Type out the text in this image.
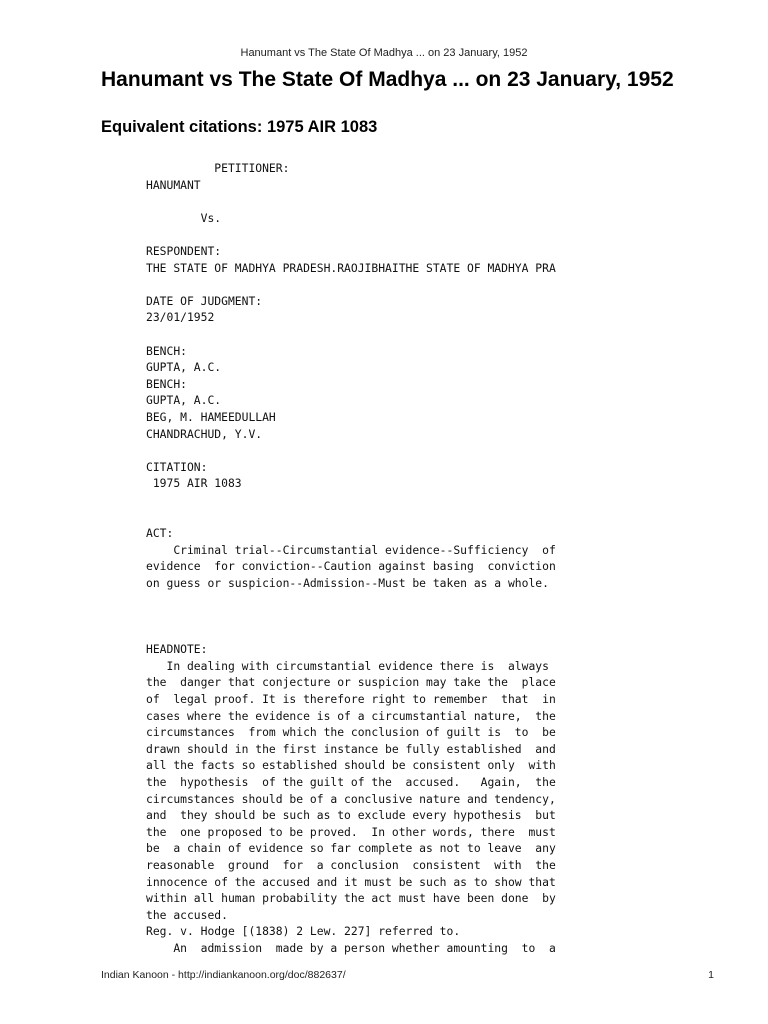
Hanumant vs The State Of Madhya ... on 23 January, 1952
Hanumant vs The State Of Madhya ... on 23 January, 1952
Equivalent citations: 1975 AIR 1083
PETITIONER:
HANUMANT

Vs.

RESPONDENT:
THE STATE OF MADHYA PRADESH.RAOJIBHAITHE STATE OF MADHYA PRA

DATE OF JUDGMENT:
23/01/1952

BENCH:
GUPTA, A.C.
BENCH:
GUPTA, A.C.
BEG, M. HAMEEDULLAH
CHANDRACHUD, Y.V.

CITATION:
1975 AIR 1083

ACT:
Criminal trial--Circumstantial evidence--Sufficiency  of
evidence  for conviction--Caution against basing  conviction
on guess or suspicion--Admission--Must be taken as a whole.

HEADNOTE:
In dealing with circumstantial evidence there is  always
the  danger that conjecture or suspicion may take the  place
of  legal proof. It is therefore right to remember  that  in
cases where the evidence is of a circumstantial nature,  the
circumstances  from which the conclusion of guilt is  to  be
drawn should in the first instance be fully established  and
all the facts so established should be consistent only  with
the  hypothesis  of the guilt of the  accused.   Again,  the
circumstances should be of a conclusive nature and tendency,
and  they should be such as to exclude every hypothesis  but
the  one proposed to be proved.  In other words, there  must
be  a chain of evidence so far complete as not to leave  any
reasonable  ground  for  a conclusion  consistent  with  the
innocence of the accused and it must be such as to show that
within all human probability the act must have been done  by
the accused.
Reg. v. Hodge [(1838) 2 Lew. 227] referred to.
An  admission  made by a person whether amounting  to  a

Indian Kanoon - http://indiankanoon.org/doc/882637/	1
